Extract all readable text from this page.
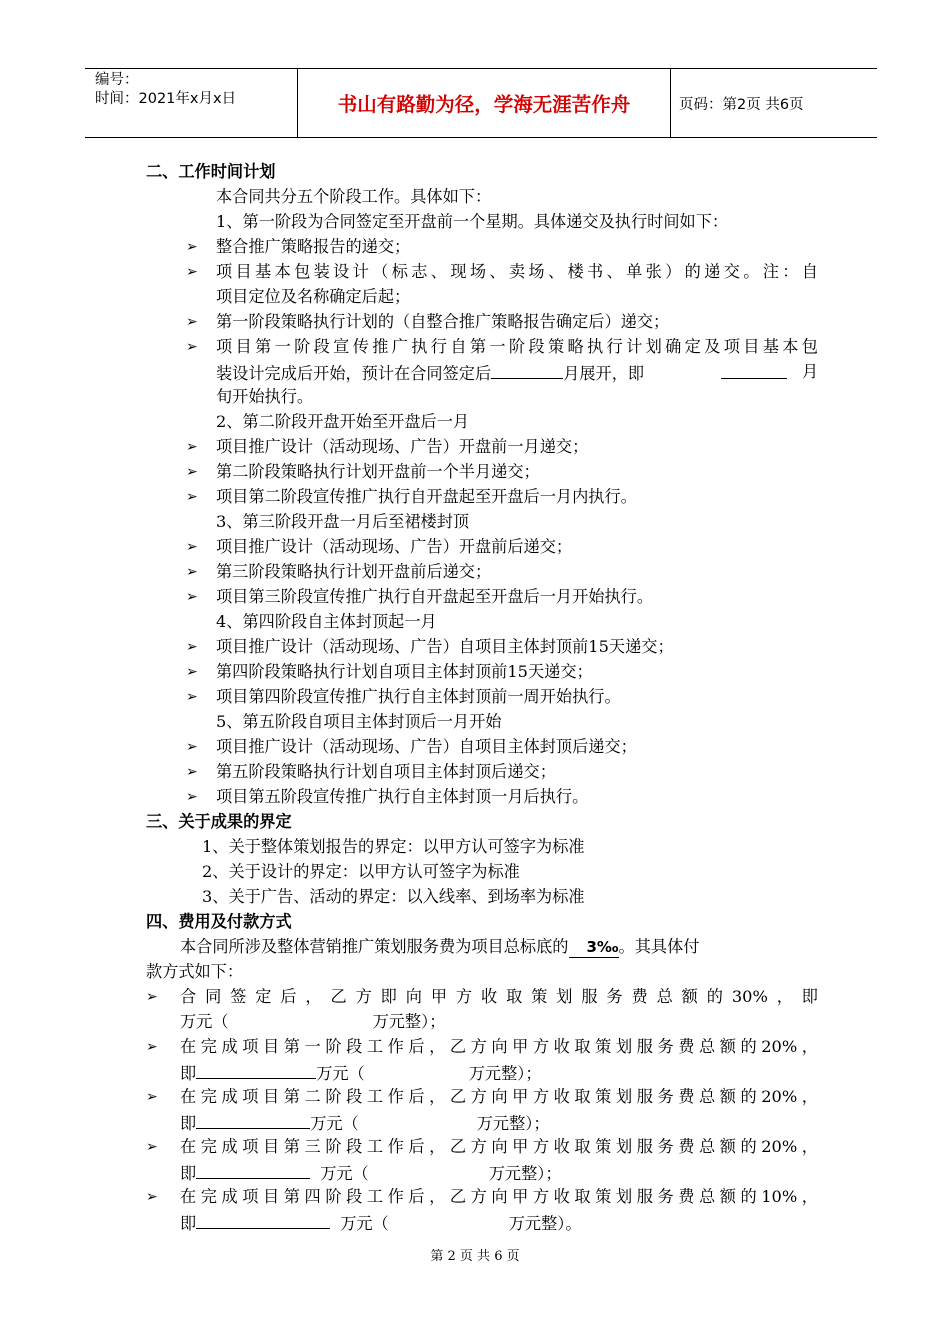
编号：
时间：2021年x月x日	书山有路勤为径，学海无涯苦作舟	页码：第2页 共6页
二、工作时间计划
本合同共分五个阶段工作。具体如下：
1、第一阶段为合同签定至开盘前一个星期。具体递交及执行时间如下：
➢ 整合推广策略报告的递交；
➢ 项目基本包装设计（标志、现场、卖场、楼书、单张）的递交。注：自
项目定位及名称确定后起；
➢ 第一阶段策略执行计划的（自整合推广策略报告确定后）递交；
➢ 项目第一阶段宣传推广执行自第一阶段策略执行计划确定及项目基本包
装设计完成后开始，预计在合同签定后	月展开，即	月
旬开始执行。
2、第二阶段开盘开始至开盘后一月
➢ 项目推广设计（活动现场、广告）开盘前一月递交；
➢ 第二阶段策略执行计划开盘前一个半月递交；
➢ 项目第二阶段宣传推广执行自开盘起至开盘后一月内执行。
3、第三阶段开盘一月后至裙楼封顶
➢ 项目推广设计（活动现场、广告）开盘前后递交；
➢ 第三阶段策略执行计划开盘前后递交；
➢ 项目第三阶段宣传推广执行自开盘起至开盘后一月开始执行。
4、第四阶段自主体封顶起一月
➢ 项目推广设计（活动现场、广告）自项目主体封顶前15天递交；
➢ 第四阶段策略执行计划自项目主体封顶前15天递交；
➢ 项目第四阶段宣传推广执行自主体封顶前一周开始执行。
5、第五阶段自项目主体封顶后一月开始
➢ 项目推广设计（活动现场、广告）自项目主体封顶后递交；
➢ 第五阶段策略执行计划自项目主体封顶后递交；
➢ 项目第五阶段宣传推广执行自主体封顶一月后执行。
三、关于成果的界定
1、关于整体策划报告的界定：以甲方认可签字为标准
2、关于设计的界定：以甲方认可签字为标准
3、关于广告、活动的界定：以入线率、到场率为标准
四、费用及付款方式
本合同所涉及整体营销推广策划服务费为项目总标底的 3‰。其具体付
款方式如下：
➢ 合同签定后，乙方即向甲方收取策划服务费总额的30%，即
万元（	万元整）；
➢ 在完成项目第一阶段工作后，乙方向甲方收取策划服务费总额的20%，
即	万元（	万元整）；
➢ 在完成项目第二阶段工作后，乙方向甲方收取策划服务费总额的20%，
即	万元（	万元整）；
➢ 在完成项目第三阶段工作后，乙方向甲方收取策划服务费总额的20%，
即	万元（	万元整）；
➢ 在完成项目第四阶段工作后，乙方向甲方收取策划服务费总额的10%，
即	万元（	万元整）。
第 2 页 共 6 页
